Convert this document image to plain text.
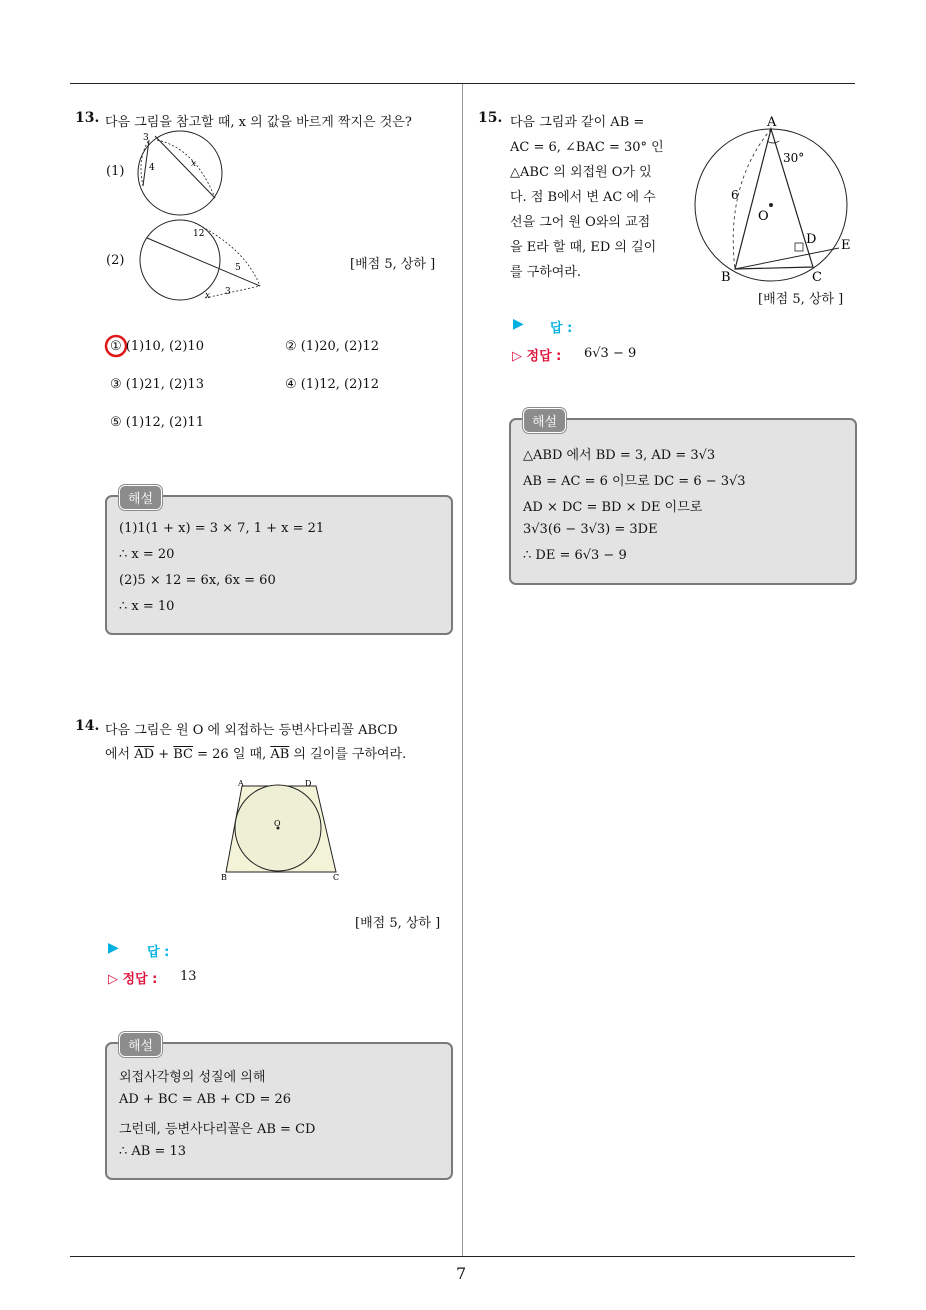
7
13. 다음 그림을 참고할 때, x 의 값을 바르게 짝지은 것은?
(1)
(2)
3
4	x
12
5
x 3
[배점 5, 상하 ]
① (1)10, (2)10	② (1)20, (2)12
③ (1)21, (2)13	④ (1)12, (2)12
⑤ (1)12, (2)11
해설
(1)1(1 + x) = 3 × 7, 1 + x = 21
∴ x = 20
(2)5 × 12 = 6x, 6x = 60
∴ x = 10
14. 다음 그림은 원 O 에 외접하는 등변사다리꼴 ABCD
에서 $\overline{AD} + \overline{BC} = 26$ 일 때, $\overline{AB}$ 의 길이를 구하여라.
A	D
O
B	C
[배점 5, 상하 ]
▶ 답 :
▷ 정답 : 13
해설
외접사각형의 성질에 의해
AD + BC = AB + CD = 26
그런데, 등변사다리꼴은 AB = CD
∴ AB = 13
15. 다음 그림과 같이 AB =
AC = 6, ∠BAC = 30° 인
△ABC 의 외접원 O가 있
다. 점 B에서 변 AC 에 수
선을 그어 원 O와의 교점
을 E라 할 때, ED 의 길이
를 구하여라.
A
30°
6
O
D E
B	C
[배점 5, 상하 ]
▶ 답 :
▷ 정답 : 6√3 − 9
해설
△ABD 에서 BD = 3, AD = 3√3
AB = AC = 6 이므로 DC = 6 − 3√3
AD × DC = BD × DE 이므로
3√3(6 − 3√3) = 3DE
∴ DE = 6√3 − 9
